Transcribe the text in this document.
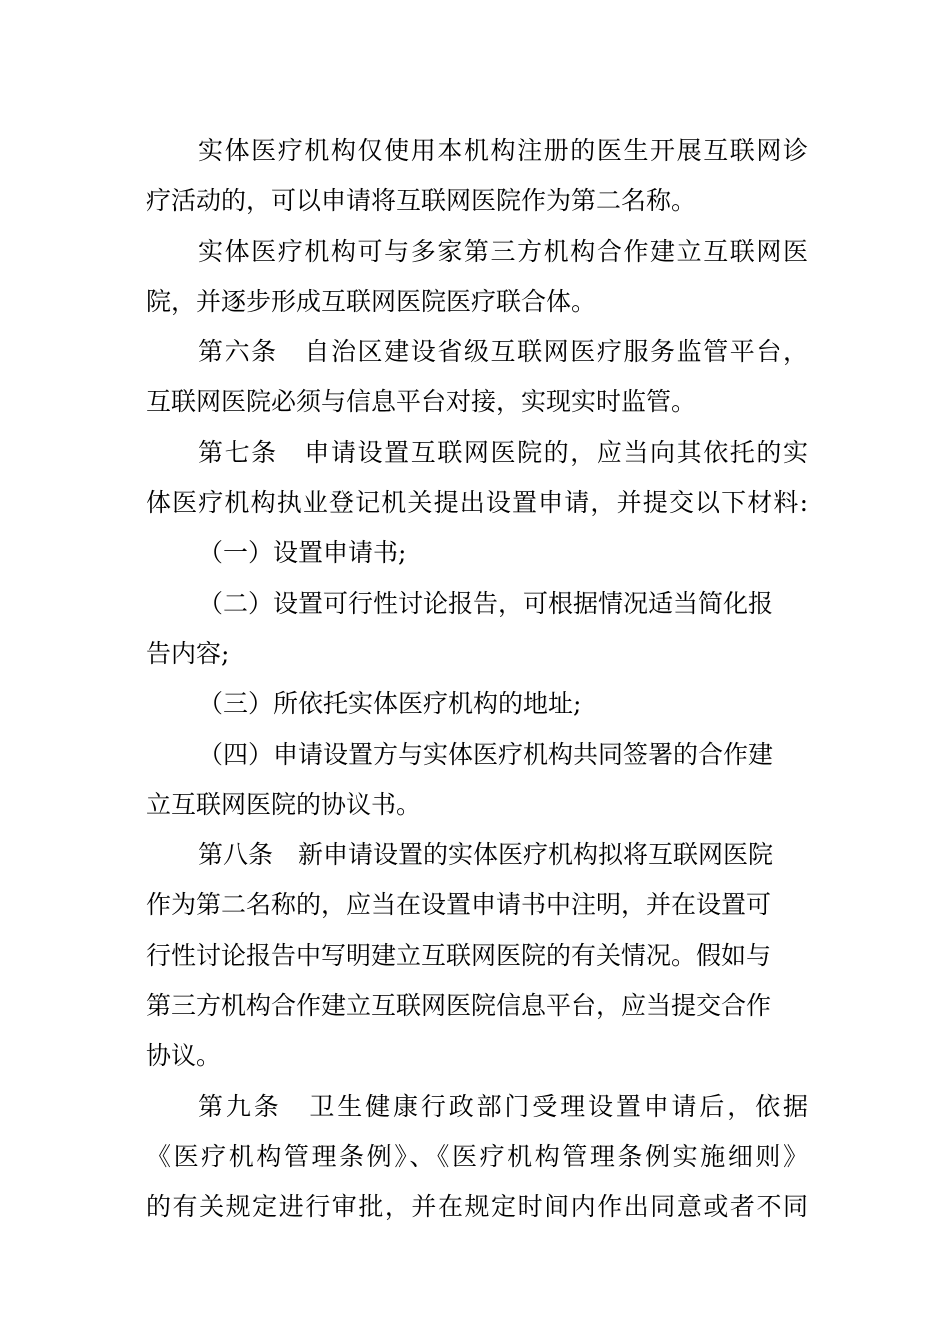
实体医疗机构仅使用本机构注册的医生开展互联网诊
疗活动的，可以申请将互联网医院作为第二名称。
实体医疗机构可与多家第三方机构合作建立互联网医
院，并逐步形成互联网医院医疗联合体。
第六条　自治区建设省级互联网医疗服务监管平台，
互联网医院必须与信息平台对接，实现实时监管。
第七条　申请设置互联网医院的，应当向其依托的实
体医疗机构执业登记机关提出设置申请，并提交以下材料:
（一）设置申请书;
（二）设置可行性讨论报告，可根据情况适当简化报
告内容;
（三）所依托实体医疗机构的地址;
（四）申请设置方与实体医疗机构共同签署的合作建
立互联网医院的协议书。
第八条　新申请设置的实体医疗机构拟将互联网医院
作为第二名称的，应当在设置申请书中注明，并在设置可
行性讨论报告中写明建立互联网医院的有关情况。假如与
第三方机构合作建立互联网医院信息平台，应当提交合作
协议。
第九条　卫生健康行政部门受理设置申请后，依据
《医疗机构管理条例》、《医疗机构管理条例实施细则》
的有关规定进行审批，并在规定时间内作出同意或者不同
